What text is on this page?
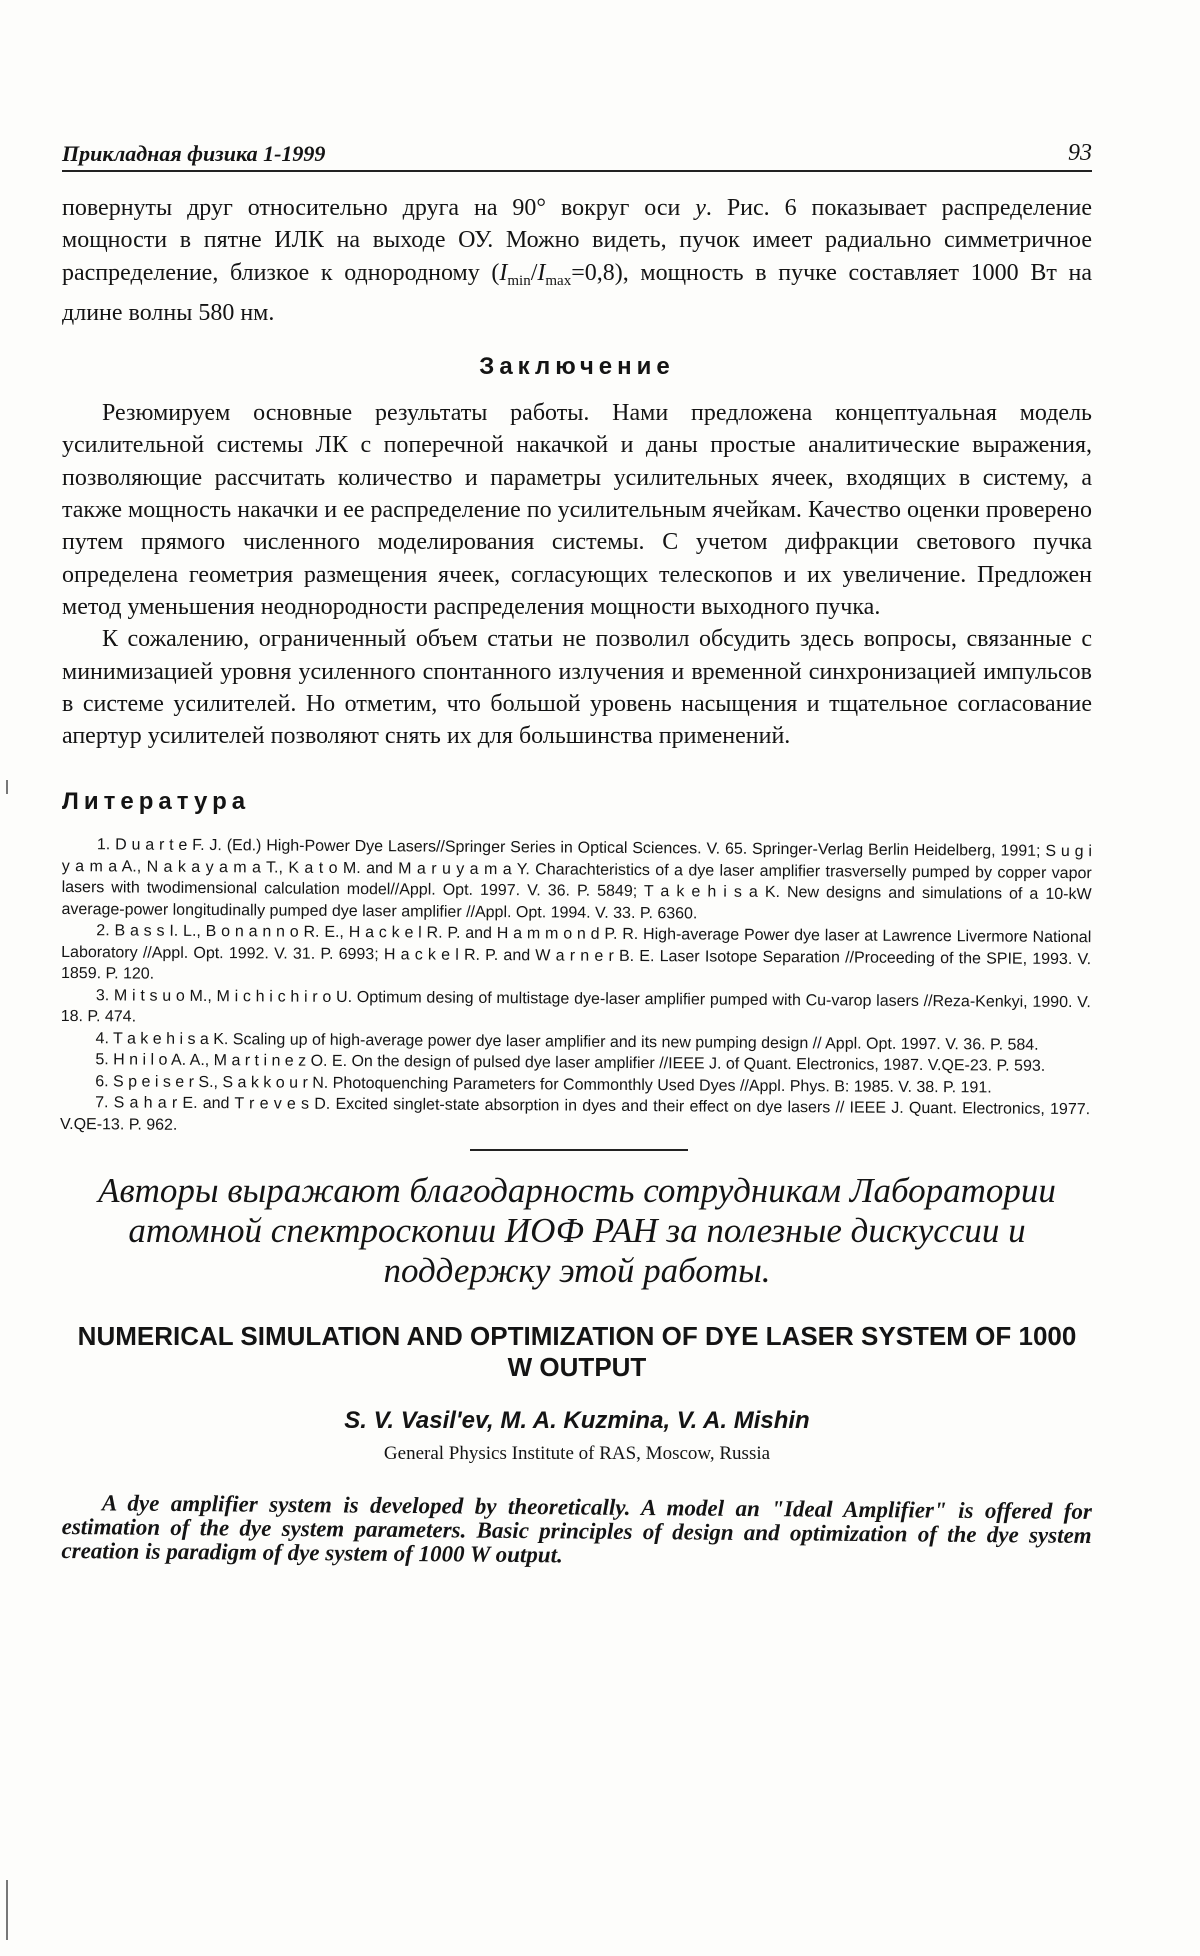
Прикладная физика 1-1999	93

повернуты друг относительно друга на 90° вокруг оси y. Рис. 6 показывает распределение мощности в пятне ИЛК на выходе ОУ. Можно видеть, пучок имеет радиально симметричное распределение, близкое к однородному $(I_{min}/I_{max}=0,8)$, мощность в пучке составляет 1000 Вт на длине волны 580 нм.

Заключение

Резюмируем основные результаты работы. Нами предложена концептуальная модель усилительной системы ЛК с поперечной накачкой и даны простые аналитические выражения, позволяющие рассчитать количество и параметры усилительных ячеек, входящих в систему, а также мощность накачки и ее распределение по усилительным ячейкам. Качество оценки проверено путем прямого численного моделирования системы. С учетом дифракции светового пучка определена геометрия размещения ячеек, согласующих телескопов и их увеличение. Предложен метод уменьшения неоднородности распределения мощности выходного пучка.

К сожалению, ограниченный объем статьи не позволил обсудить здесь вопросы, связанные с минимизацией уровня усиленного спонтанного излучения и временной синхронизацией импульсов в системе усилителей. Но отметим, что большой уровень насыщения и тщательное согласование апертур усилителей позволяют снять их для большинства применений.

Литература

1. D u a r t e F. J. (Ed.) High-Power Dye Lasers//Springer Series in Optical Sciences. V. 65. Springer-Verlag Berlin Heidelberg, 1991; S u g i y a m a A., N a k a y a m a T., K a t o M. and M a r u y a m a Y. Charachteristics of a dye laser amplifier trasverselly pumped by copper vapor lasers with twodimensional calculation model//Appl. Opt. 1997. V. 36. P. 5849; T a k e h i s a K. New designs and simulations of a 10-kW average-power longitudinally pumped dye laser amplifier //Appl. Opt. 1994. V. 33. P. 6360.

2. B a s s I. L., B o n a n n o R. E., H a c k e l R. P. and H a m m o n d P. R. High-average Power dye laser at Lawrence Livermore National Laboratory //Appl. Opt. 1992. V. 31. P. 6993; H a c k e l R. P. and W a r n e r B. E. Laser Isotope Separation //Proceeding of the SPIE, 1993. V. 1859. P. 120.

3. M i t s u o M., M i c h i c h i r o U. Optimum desing of multistage dye-laser amplifier pumped with Cu-varop lasers //Reza-Kenkyi, 1990. V. 18. P. 474.

4. T a k e h i s a K. Scaling up of high-average power dye laser amplifier and its new pumping design // Appl. Opt. 1997. V. 36. P. 584.

5. H n i l o A. A., M a r t i n e z O. E. On the design of pulsed dye laser amplifier //IEEE J. of Quant. Electronics, 1987. V.QE-23. P. 593.

6. S p e i s e r S., S a k k o u r N. Photoquenching Parameters for Commonthly Used Dyes //Appl. Phys. B: 1985. V. 38. P. 191.

7. S a h a r E. and T r e v e s D. Excited singlet-state absorption in dyes and their effect on dye lasers // IEEE J. Quant. Electronics, 1977. V.QE-13. P. 962.

Авторы выражают благодарность сотрудникам Лаборатории атомной спектроскопии ИОФ РАН за полезные дискуссии и поддержку этой работы.

NUMERICAL SIMULATION AND OPTIMIZATION OF DYE LASER SYSTEM OF 1000 W OUTPUT
S. V. Vasil'ev, M. A. Kuzmina, V. A. Mishin
General Physics Institute of RAS, Moscow, Russia

A dye amplifier system is developed by theoretically. A model an "Ideal Amplifier" is offered for estimation of the dye system parameters. Basic principles of design and optimization of the dye system creation is paradigm of dye system of 1000 W output.
